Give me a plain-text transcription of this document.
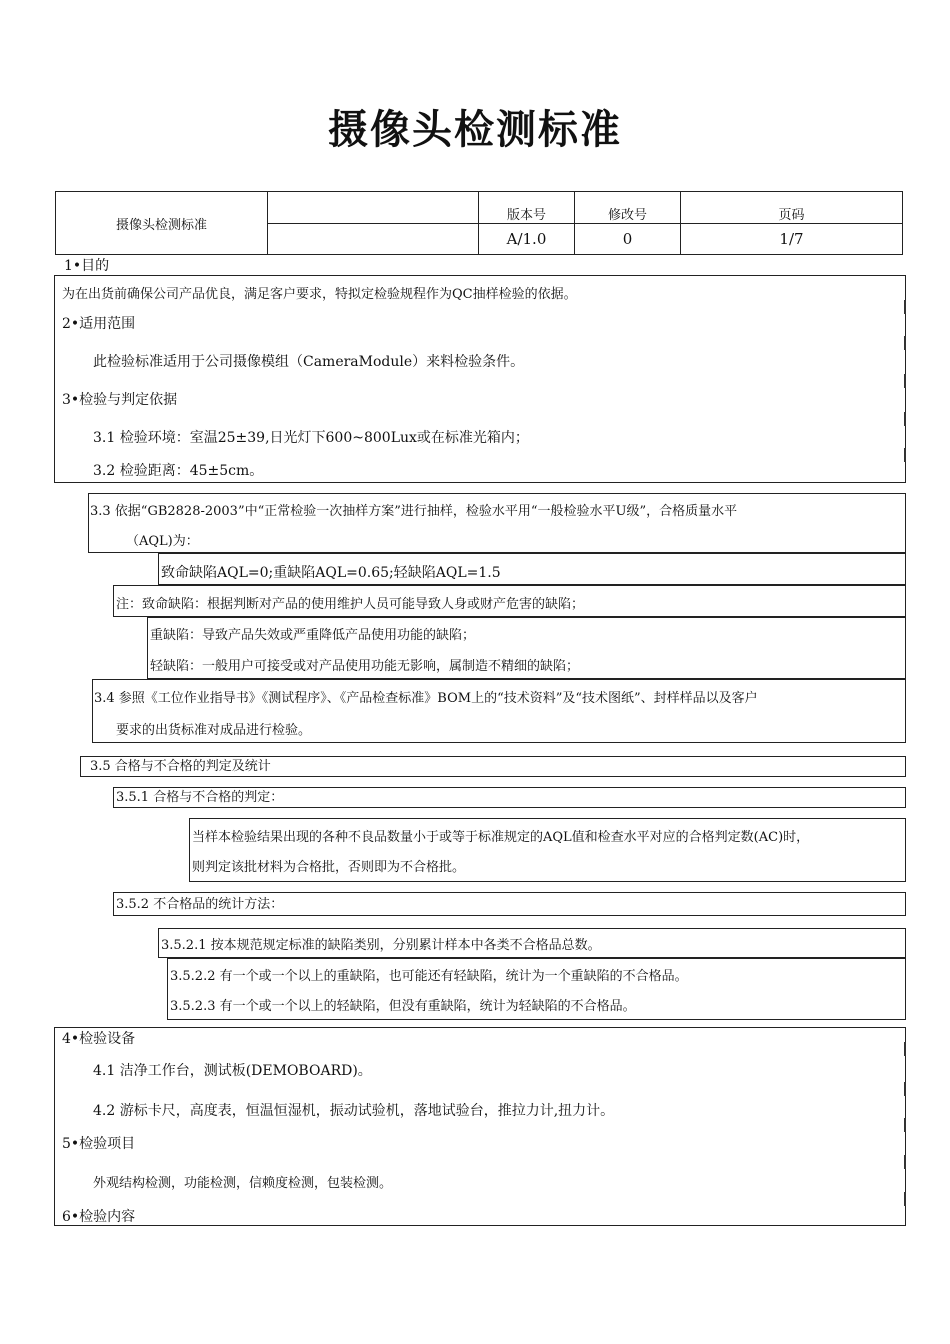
摄像头检测标准
摄像头检测标准		版本号	修改号	页码
		A/1.0	0	1/7
1•目的
为在出货前确保公司产品优良，满足客户要求，特拟定检验规程作为QC抽样检验的依据。
2•适用范围
此检验标准适用于公司摄像模组（CameraModule）来料检验条件。
3•检验与判定依据
3.1 检验环境：室温25±39,日光灯下600~800Lux或在标准光箱内；
3.2 检验距离：45±5cm。
3.3 依据“GB2828-2003”中“正常检验一次抽样方案”进行抽样，检验水平用“一般检验水平U级”，合格质量水平
（AQL)为：
致命缺陷AQL=0;重缺陷AQL=0.65;轻缺陷AQL=1.5
注：致命缺陷：根据判断对产品的使用维护人员可能导致人身或财产危害的缺陷；
重缺陷：导致产品失效或严重降低产品使用功能的缺陷；
轻缺陷：一般用户可接受或对产品使用功能无影响，属制造不精细的缺陷；
3.4 参照《工位作业指导书》《测试程序》、《产品检查标准》BOM上的“技术资料”及“技术图纸”、封样样品以及客户
要求的出货标准对成品进行检验。
3.5 合格与不合格的判定及统计
3.5.1 合格与不合格的判定：
当样本检验结果出现的各种不良品数量小于或等于标准规定的AQL值和检查水平对应的合格判定数(AC)时，
则判定该批材料为合格批，否则即为不合格批。
3.5.2 不合格品的统计方法：
3.5.2.1 按本规范规定标准的缺陷类别，分别累计样本中各类不合格品总数。
3.5.2.2 有一个或一个以上的重缺陷，也可能还有轻缺陷，统计为一个重缺陷的不合格品。
3.5.2.3 有一个或一个以上的轻缺陷，但没有重缺陷，统计为轻缺陷的不合格品。
4•检验设备
4.1 洁净工作台，测试板(DEMOBOARD)。
4.2 游标卡尺，高度表，恒温恒湿机，振动试验机，落地试验台，推拉力计,扭力计。
5•检验项目
外观结构检测，功能检测，信赖度检测，包装检测。
6•检验内容
